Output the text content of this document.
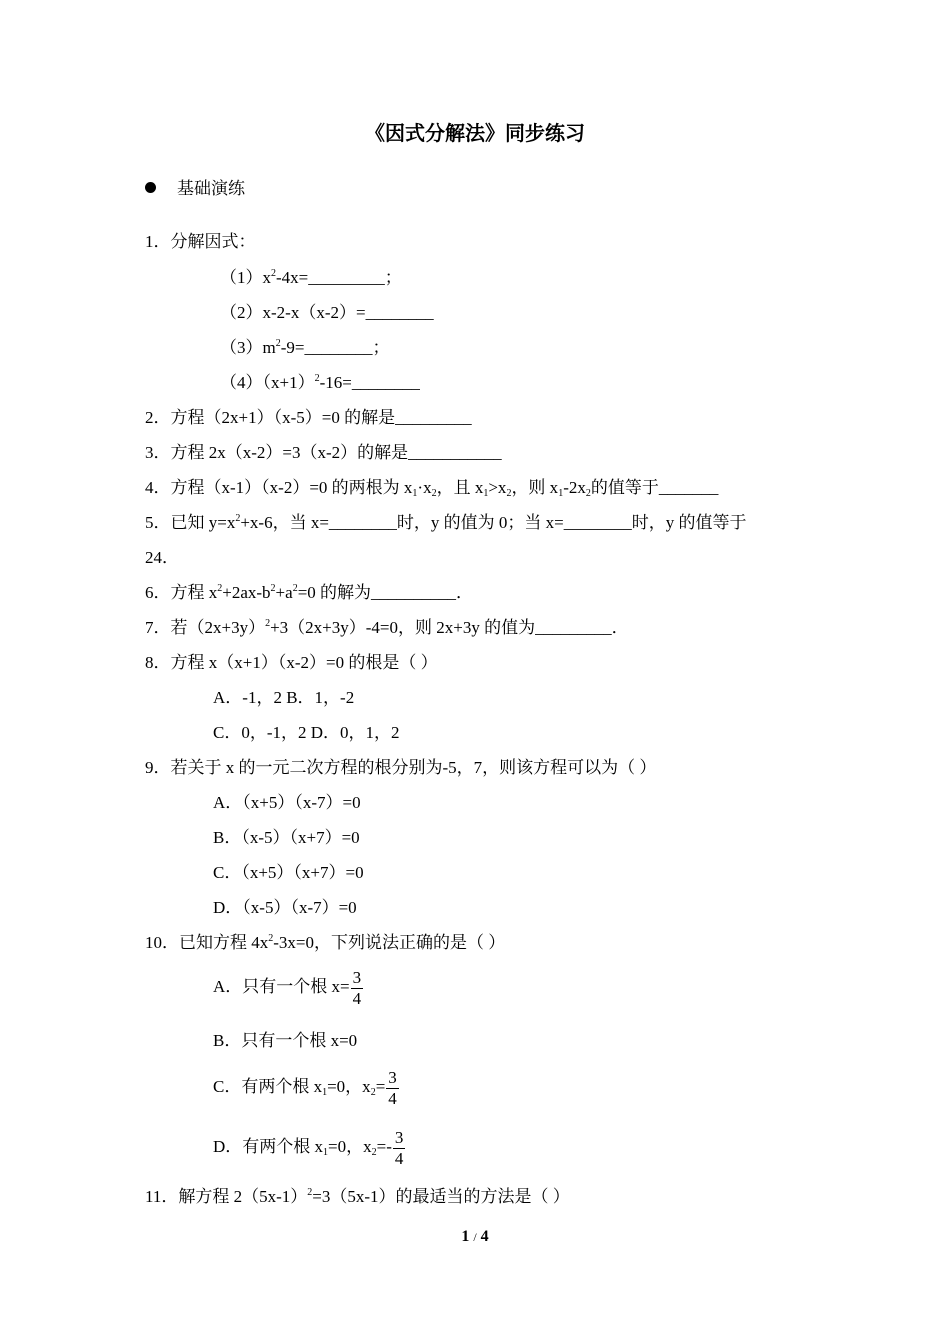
《因式分解法》同步练习
基础演练
1．分解因式：
$(1)x^2-4x=\_\_\_\_\_\_\_\_\_$；
（2）x-2-x（x-2）=________
$(3)m^2-9=\_\_\_\_\_\_\_\_$；
$(4)(x+1)^2-16=\_\_\_\_\_\_\_\_$
2．方程（2x+1）（x-5）=0 的解是_________
3．方程 2x（x-2）=3（x-2）的解是___________
4．方程（x-1）（x-2）=0 的两根为 $x_1\cdot x_2$，且 $x_1>x_2$，则 $x_1-2x_2$的值等于_______
5．已知 $y=x^2+x-6$，当 x=________时，y 的值为 0；当 x=________时，y 的值等于
24．
6．方程 $x^2+2ax-b^2+a^2=0$ 的解为__________．
7．若$(2x+3y)^2+3(2x+3y)-4=0$，则 2x+3y 的值为_________．
8．方程 x（x+1）（x-2）=0 的根是（ ）
A．-1，2 B．1，-2
C．0，-1，2 D．0，1，2
9．若关于 x 的一元二次方程的根分别为-5，7，则该方程可以为（ ）
A．（x+5）（x-7）=0
B．（x-5）（x+7）=0
C．（x+5）（x+7）=0
D．（x-5）（x-7）=0
10．已知方程 $4x^2-3x=0$，下列说法正确的是（ ）
A．只有一个根 $x= \frac{3}{4}$
B．只有一个根 x=0
C．有两个根 $x_1=0$，$x_2= \frac{3}{4}$
D．有两个根 $x_1=0$，$x_2=- \frac{3}{4}$
11．解方程 $2(5x-1)^2=3(5x-1)$的最适当的方法是（ ）
1 / 4
